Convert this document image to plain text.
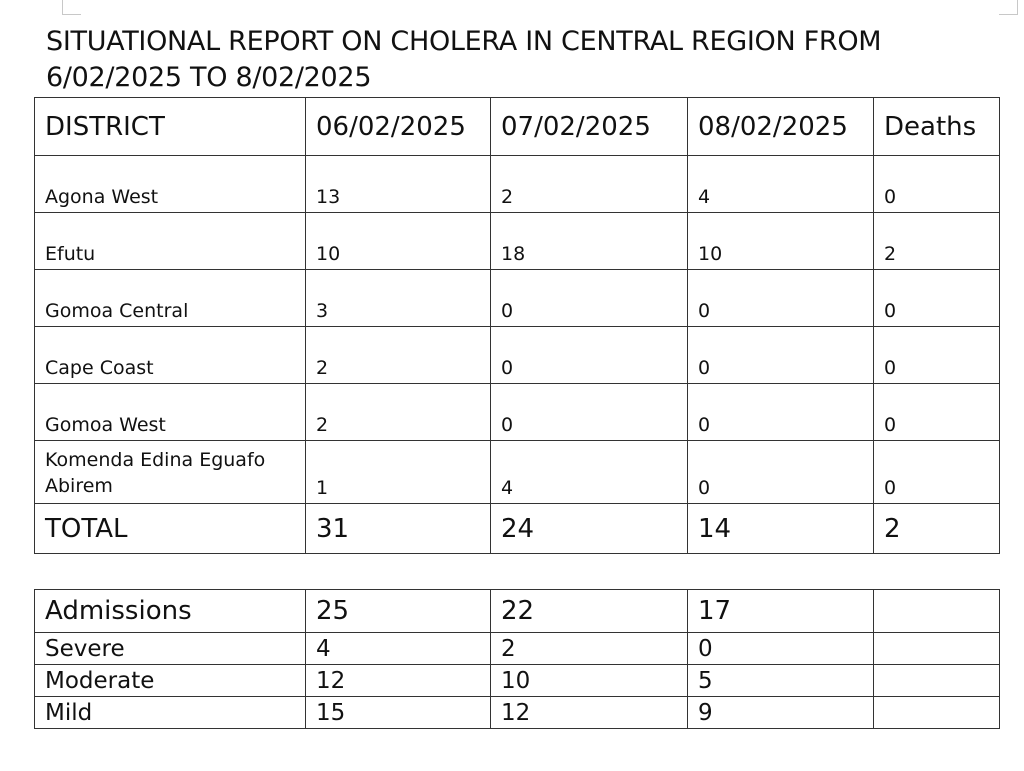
SITUATIONAL REPORT ON CHOLERA IN CENTRAL REGION FROM 6/02/2025 TO 8/02/2025
DISTRICT	06/02/2025	07/02/2025	08/02/2025	Deaths
Agona West	13	2	4	0
Efutu	10	18	10	2
Gomoa Central	3	0	0	0
Cape Coast	2	0	0	0
Gomoa West	2	0	0	0

Komenda Edina Eguafo Abirem	1	4	0	0
TOTAL	31	24	14	2
Admissions	25	22	17	
Severe	4	2	0	
Moderate	12	10	5	
Mild	15	12	9	
